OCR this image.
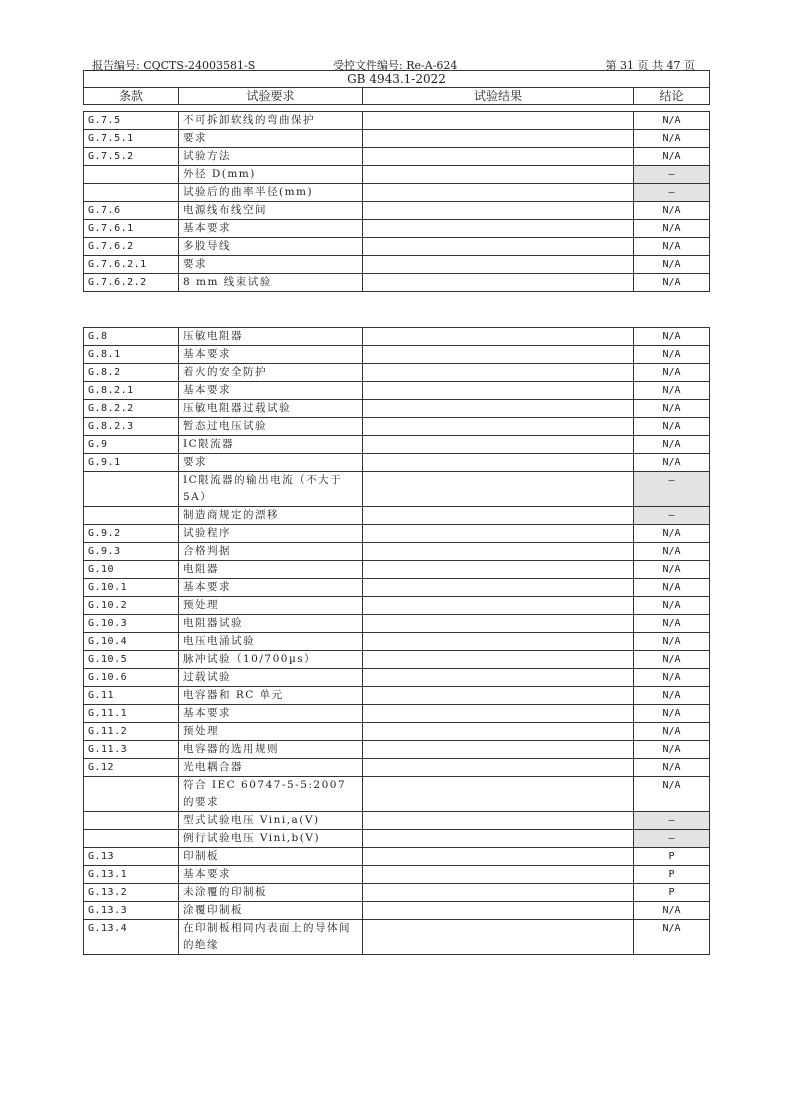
报告编号: CQCTS-24003581-S	受控文件编号: Re-A-624	第 31 页 共 47 页
GB 4943.1-2022
条款	试验要求	试验结果	结论
G.7.5	不可拆卸软线的弯曲保护		N/A
G.7.5.1	要求		N/A
G.7.5.2	试验方法		N/A
	外径 D(mm)		—
	试验后的曲率半径(mm)		—
G.7.6	电源线布线空间		N/A
G.7.6.1	基本要求		N/A
G.7.6.2	多股导线		N/A
G.7.6.2.1	要求		N/A
G.7.6.2.2	8 mm 线束试验		N/A
G.8	压敏电阻器		N/A
G.8.1	基本要求		N/A
G.8.2	着火的安全防护		N/A
G.8.2.1	基本要求		N/A
G.8.2.2	压敏电阻器过载试验		N/A
G.8.2.3	暂态过电压试验		N/A
G.9	IC限流器		N/A
G.9.1	要求		N/A
	IC限流器的输出电流（不大于 5A）		—
	制造商规定的漂移		—
G.9.2	试验程序		N/A
G.9.3	合格判据		N/A
G.10	电阻器		N/A
G.10.1	基本要求		N/A
G.10.2	预处理		N/A
G.10.3	电阻器试验		N/A
G.10.4	电压电涌试验		N/A
G.10.5	脉冲试验（10/700µs）		N/A
G.10.6	过载试验		N/A
G.11	电容器和 RC 单元		N/A
G.11.1	基本要求		N/A
G.11.2	预处理		N/A
G.11.3	电容器的选用规则		N/A
G.12	光电耦合器		N/A
	符合 IEC 60747-5-5:2007 的要求		N/A
	型式试验电压 Vini,a(V)		—
	例行试验电压 Vini,b(V)		—
G.13	印制板		P
G.13.1	基本要求		P
G.13.2	未涂覆的印制板		P
G.13.3	涂覆印制板		N/A
G.13.4	在印制板相同内表面上的导体间的绝缘		N/A
